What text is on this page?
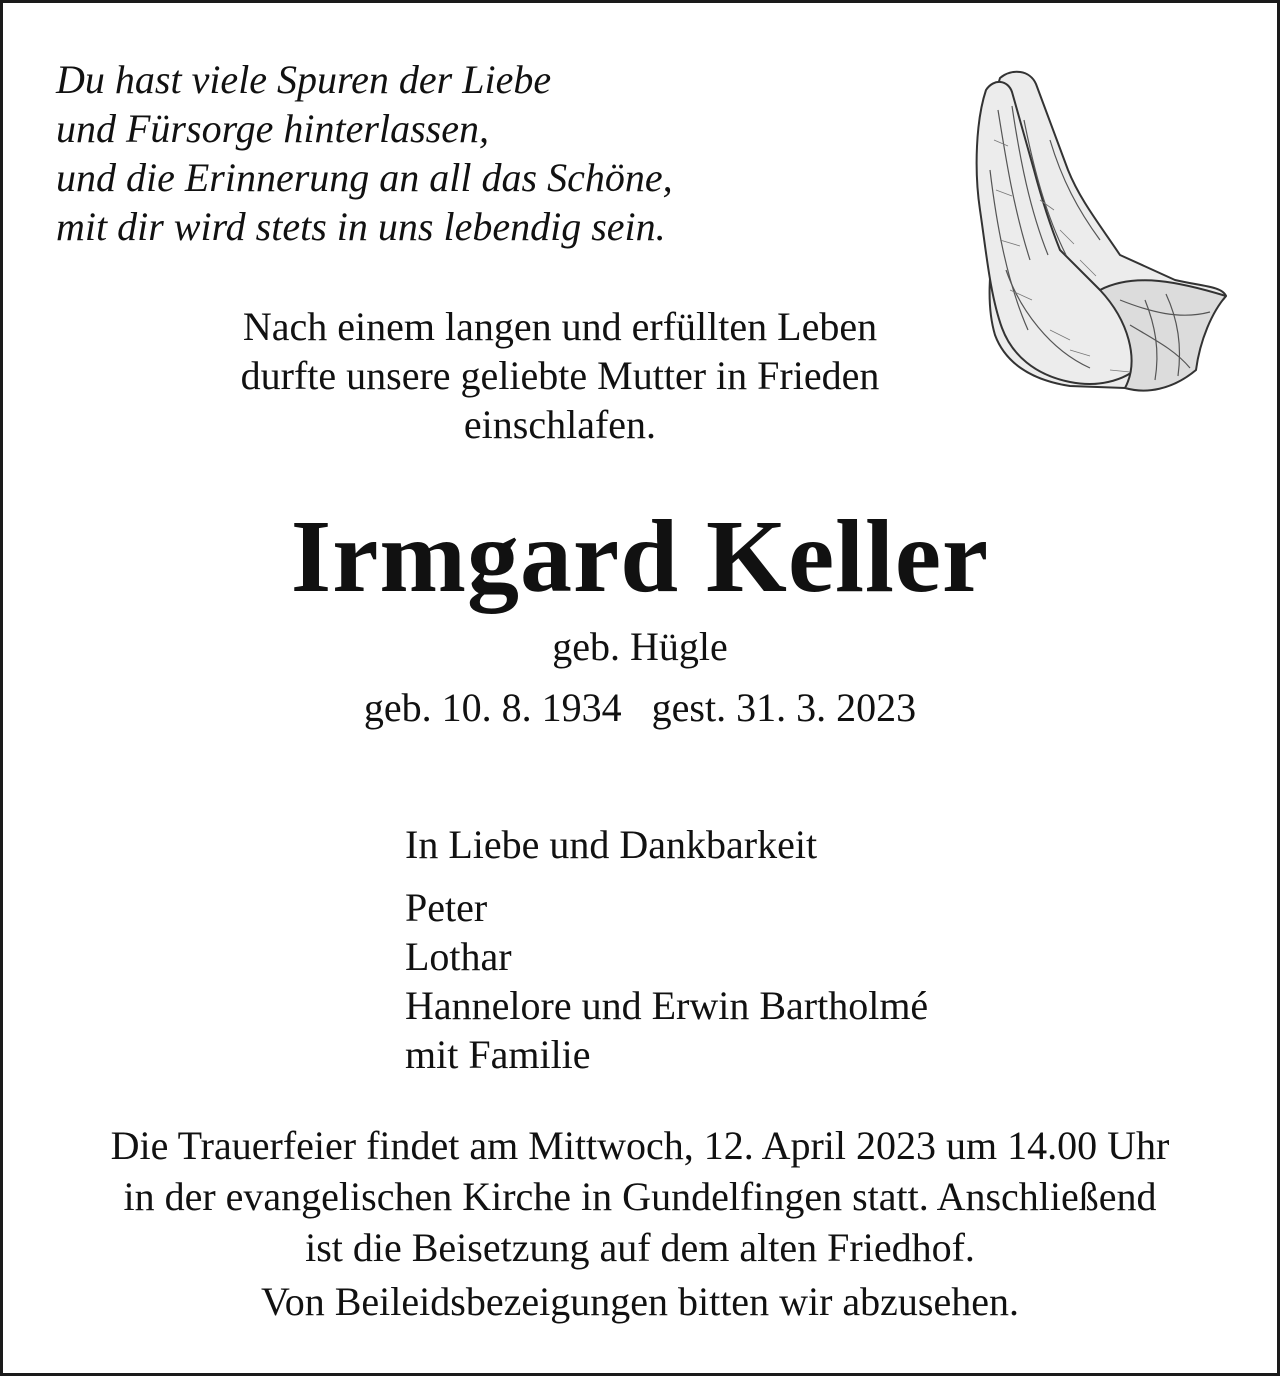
Du hast viele Spuren der Liebe
und Fürsorge hinterlassen,
und die Erinnerung an all das Schöne,
mit dir wird stets in uns lebendig sein.
Nach einem langen und erfüllten Leben
durfte unsere geliebte Mutter in Frieden
einschlafen.
Irmgard Keller
geb. Hügle
geb. 10. 8. 1934 gest. 31. 3. 2023
In Liebe und Dankbarkeit
Peter
Lothar
Hannelore und Erwin Bartholmé
mit Familie
Die Trauerfeier findet am Mittwoch, 12. April 2023 um 14.00 Uhr
in der evangelischen Kirche in Gundelfingen statt. Anschließend
ist die Beisetzung auf dem alten Friedhof.
Von Beileidsbezeigungen bitten wir abzusehen.
